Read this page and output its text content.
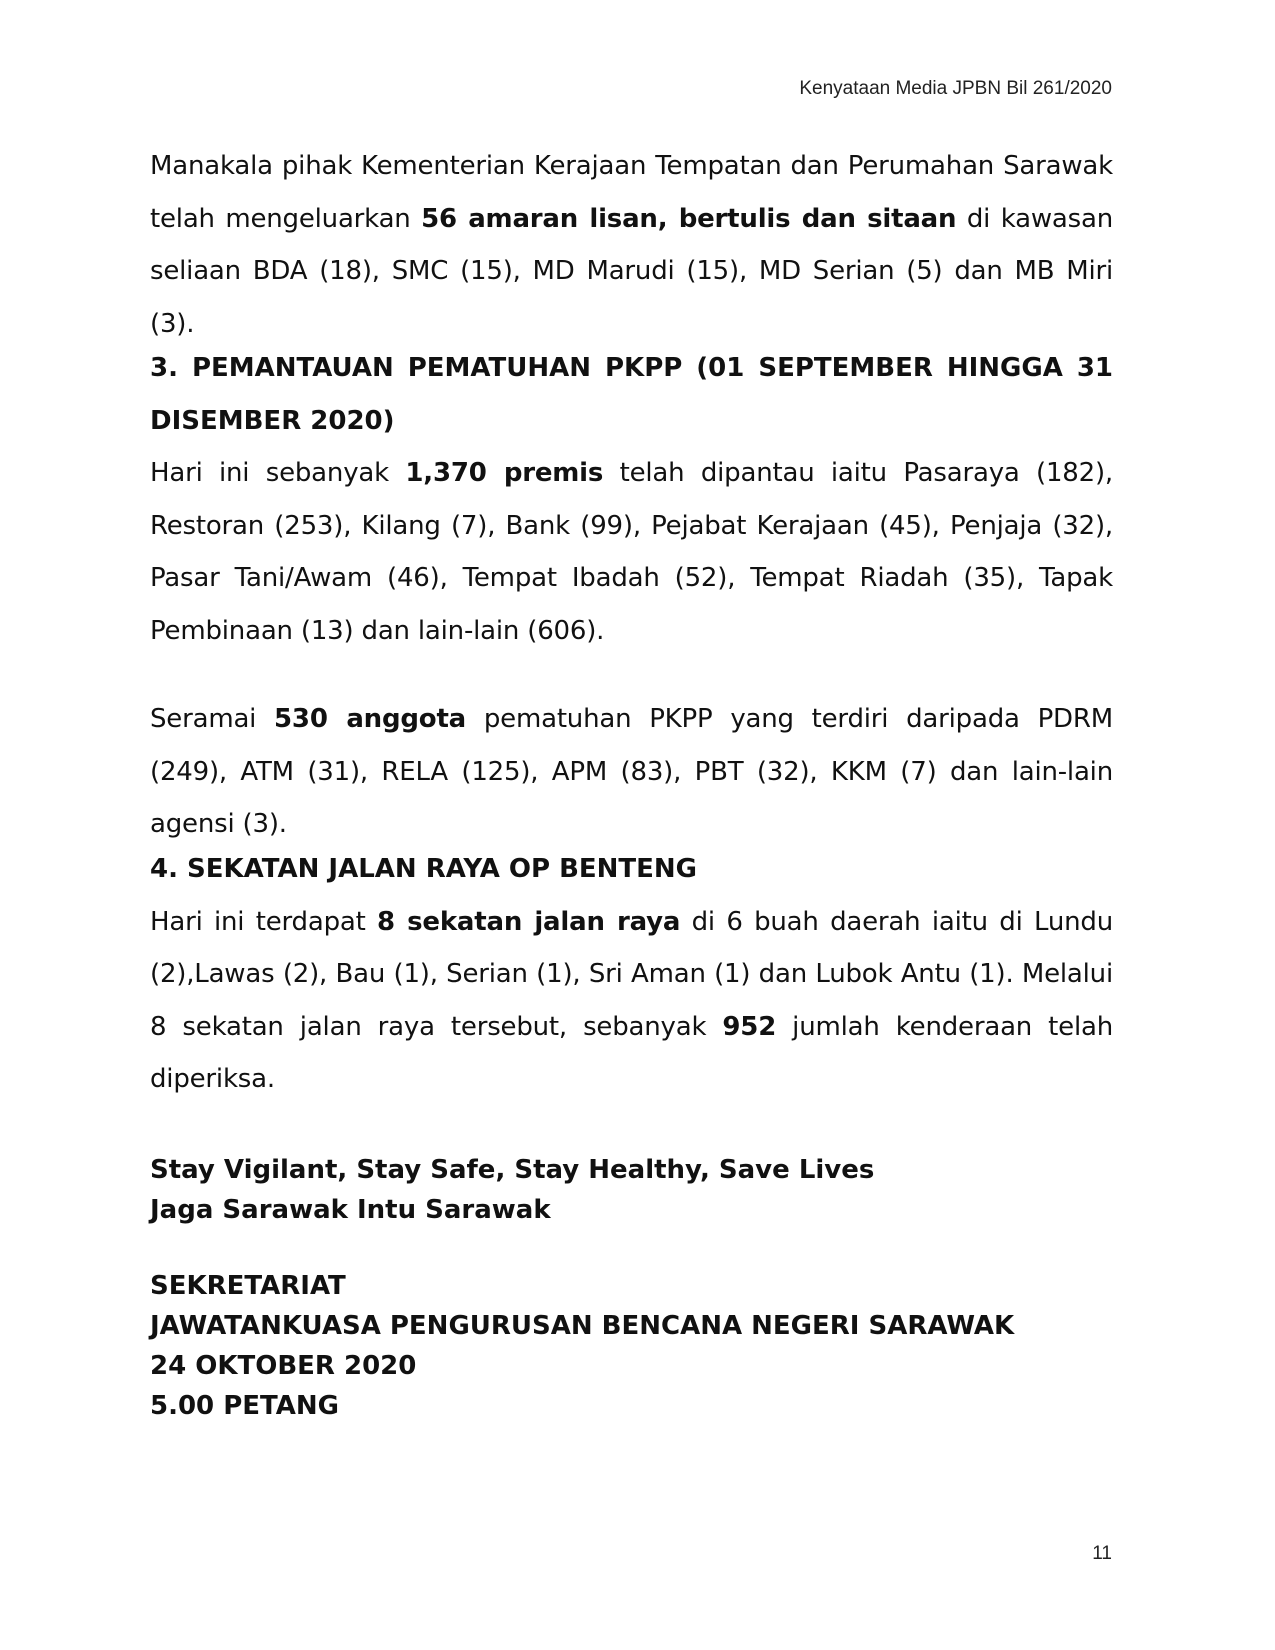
Kenyataan Media JPBN Bil 261/2020

Manakala pihak Kementerian Kerajaan Tempatan dan Perumahan Sarawak telah mengeluarkan 56 amaran lisan, bertulis dan sitaan di kawasan seliaan BDA (18), SMC (15), MD Marudi (15), MD Serian (5) dan MB Miri (3).

3. PEMANTAUAN PEMATUHAN PKPP (01 SEPTEMBER HINGGA 31 DISEMBER 2020)

Hari ini sebanyak 1,370 premis telah dipantau iaitu Pasaraya (182), Restoran (253), Kilang (7), Bank (99), Pejabat Kerajaan (45), Penjaja (32), Pasar Tani/Awam (46), Tempat Ibadah (52), Tempat Riadah (35), Tapak Pembinaan (13) dan lain-lain (606).

Seramai 530 anggota pematuhan PKPP yang terdiri daripada PDRM (249), ATM (31), RELA (125), APM (83), PBT (32), KKM (7) dan lain-lain agensi (3).

4. SEKATAN JALAN RAYA OP BENTENG

Hari ini terdapat 8 sekatan jalan raya di 6 buah daerah iaitu di Lundu (2),Lawas (2), Bau (1), Serian (1), Sri Aman (1) dan Lubok Antu (1). Melalui 8 sekatan jalan raya tersebut, sebanyak 952 jumlah kenderaan telah diperiksa.

Stay Vigilant, Stay Safe, Stay Healthy, Save Lives

Jaga Sarawak Intu Sarawak

SEKRETARIAT

JAWATANKUASA PENGURUSAN BENCANA NEGERI SARAWAK

24 OKTOBER 2020

5.00 PETANG

11
